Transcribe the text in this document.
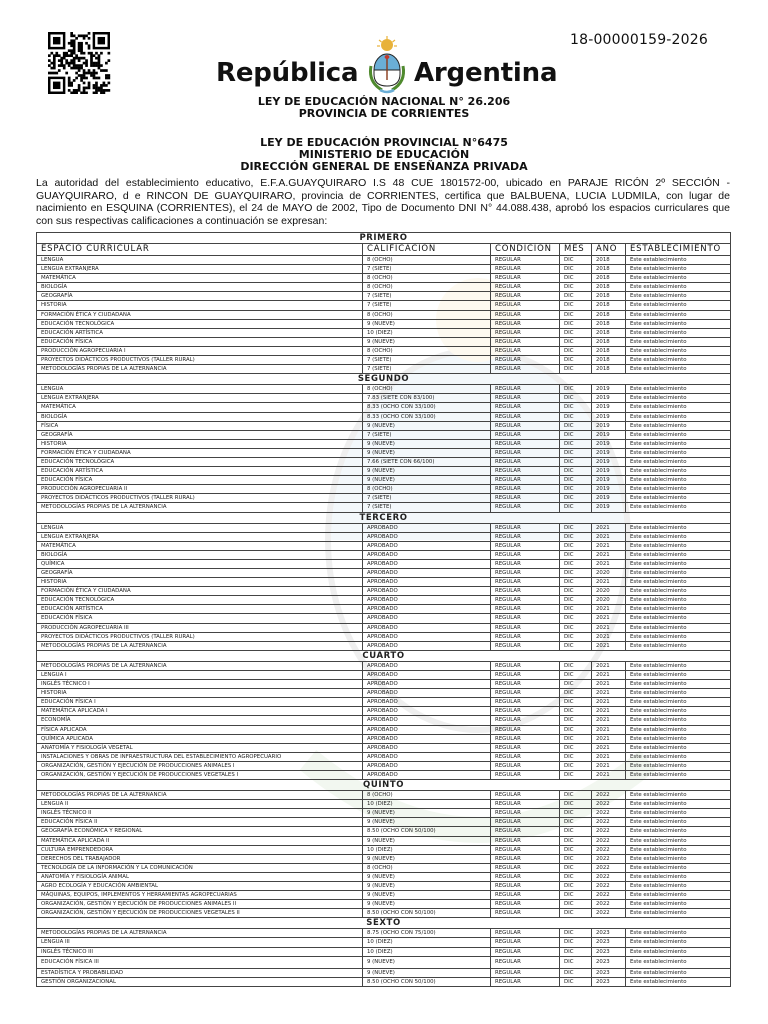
18-00000159-2026
República Argentina
LEY DE EDUCACIÓN NACIONAL N° 26.206
PROVINCIA DE CORRIENTES
LEY DE EDUCACIÓN PROVINCIAL N°6475
MINISTERIO DE EDUCACIÓN
DIRECCIÓN GENERAL DE ENSEÑANZA PRIVADA
La autoridad del establecimiento educativo, E.F.A.GUAYQUIRARO I.S 48 CUE 1801572-00, ubicado en PARAJE RICÓN 2º SECCIÓN - GUAYQUIRARO, d e RINCON DE GUAYQUIRARO, provincia de CORRIENTES, certifica que BALBUENA, LUCIA LUDMILA, con lugar de nacimiento en ESQUINA (CORRIENTES), el 24 de MAYO de 2002, Tipo de Documento DNI N° 44.088.438, aprobó los espacios curriculares que con sus respectivas calificaciones a continuación se expresan:
PRIMERO					
ESPACIO CURRICULAR	CALIFICACIÓN	CONDICIÓN	MES	AÑO	ESTABLECIMIENTO
LENGUA	8 (OCHO)	REGULAR	DIC	2018	Este establecimiento
LENGUA EXTRANJERA	7 (SIETE)	REGULAR	DIC	2018	Este establecimiento
MATEMÁTICA	8 (OCHO)	REGULAR	DIC	2018	Este establecimiento
BIOLOGÍA	8 (OCHO)	REGULAR	DIC	2018	Este establecimiento
GEOGRAFÍA	7 (SIETE)	REGULAR	DIC	2018	Este establecimiento
HISTORIA	7 (SIETE)	REGULAR	DIC	2018	Este establecimiento
FORMACIÓN ÉTICA Y CIUDADANA	8 (OCHO)	REGULAR	DIC	2018	Este establecimiento
EDUCACIÓN TECNOLÓGICA	9 (NUEVE)	REGULAR	DIC	2018	Este establecimiento
EDUCACIÓN ARTÍSTICA	10 (DIEZ)	REGULAR	DIC	2018	Este establecimiento
EDUCACIÓN FÍSICA	9 (NUEVE)	REGULAR	DIC	2018	Este establecimiento
PRODUCCIÓN AGROPECUARIA I	8 (OCHO)	REGULAR	DIC	2018	Este establecimiento
PROYECTOS DIDÁCTICOS PRODUCTIVOS (TALLER RURAL)	7 (SIETE)	REGULAR	DIC	2018	Este establecimiento
METODOLOGÍAS PROPIAS DE LA ALTERNANCIA	7 (SIETE)	REGULAR	DIC	2018	Este establecimiento
SEGUNDO					
LENGUA	8 (OCHO)	REGULAR	DIC	2019	Este establecimiento
LENGUA EXTRANJERA	7.83 (SIETE CON 83/100)	REGULAR	DIC	2019	Este establecimiento
MATEMÁTICA	8.33 (OCHO CON 33/100)	REGULAR	DIC	2019	Este establecimiento
BIOLOGÍA	8.33 (OCHO CON 33/100)	REGULAR	DIC	2019	Este establecimiento
FÍSICA	9 (NUEVE)	REGULAR	DIC	2019	Este establecimiento
GEOGRAFÍA	7 (SIETE)	REGULAR	DIC	2019	Este establecimiento
HISTORIA	9 (NUEVE)	REGULAR	DIC	2019	Este establecimiento
FORMACIÓN ÉTICA Y CIUDADANA	9 (NUEVE)	REGULAR	DIC	2019	Este establecimiento
EDUCACIÓN TECNOLÓGICA	7.66 (SIETE CON 66/100)	REGULAR	DIC	2019	Este establecimiento
EDUCACIÓN ARTÍSTICA	9 (NUEVE)	REGULAR	DIC	2019	Este establecimiento
EDUCACIÓN FÍSICA	9 (NUEVE)	REGULAR	DIC	2019	Este establecimiento
PRODUCCIÓN AGROPECUARIA II	8 (OCHO)	REGULAR	DIC	2019	Este establecimiento
PROYECTOS DIDÁCTICOS PRODUCTIVOS (TALLER RURAL)	7 (SIETE)	REGULAR	DIC	2019	Este establecimiento
METODOLOGÍAS PROPIAS DE LA ALTERNANCIA	7 (SIETE)	REGULAR	DIC	2019	Este establecimiento
TERCERO					
LENGUA	APROBADO	REGULAR	DIC	2021	Este establecimiento
LENGUA EXTRANJERA	APROBADO	REGULAR	DIC	2021	Este establecimiento
MATEMÁTICA	APROBADO	REGULAR	DIC	2021	Este establecimiento
BIOLOGÍA	APROBADO	REGULAR	DIC	2021	Este establecimiento
QUÍMICA	APROBADO	REGULAR	DIC	2021	Este establecimiento
GEOGRAFÍA	APROBADO	REGULAR	DIC	2020	Este establecimiento
HISTORIA	APROBADO	REGULAR	DIC	2021	Este establecimiento
FORMACIÓN ÉTICA Y CIUDADANA	APROBADO	REGULAR	DIC	2020	Este establecimiento
EDUCACIÓN TECNOLÓGICA	APROBADO	REGULAR	DIC	2020	Este establecimiento
EDUCACIÓN ARTÍSTICA	APROBADO	REGULAR	DIC	2021	Este establecimiento
EDUCACIÓN FÍSICA	APROBADO	REGULAR	DIC	2021	Este establecimiento
PRODUCCIÓN AGROPECUARIA III	APROBADO	REGULAR	DIC	2021	Este establecimiento
PROYECTOS DIDÁCTICOS PRODUCTIVOS (TALLER RURAL)	APROBADO	REGULAR	DIC	2021	Este establecimiento
METODOLOGÍAS PROPIAS DE LA ALTERNANCIA	APROBADO	REGULAR	DIC	2021	Este establecimiento
CUARTO					
METODOLOGÍAS PROPIAS DE LA ALTERNANCIA	APROBADO	REGULAR	DIC	2021	Este establecimiento
LENGUA I	APROBADO	REGULAR	DIC	2021	Este establecimiento
INGLÉS TÉCNICO I	APROBADO	REGULAR	DIC	2021	Este establecimiento
HISTORIA	APROBADO	REGULAR	DIC	2021	Este establecimiento
EDUCACIÓN FÍSICA I	APROBADO	REGULAR	DIC	2021	Este establecimiento
MATEMÁTICA APLICADA I	APROBADO	REGULAR	DIC	2021	Este establecimiento
ECONOMÍA	APROBADO	REGULAR	DIC	2021	Este establecimiento
FÍSICA APLICADA	APROBADO	REGULAR	DIC	2021	Este establecimiento
QUÍMICA APLICADA	APROBADO	REGULAR	DIC	2021	Este establecimiento
ANATOMÍA Y FISIOLOGÍA VEGETAL	APROBADO	REGULAR	DIC	2021	Este establecimiento
INSTALACIONES Y OBRAS DE INFRAESTRUCTURA DEL ESTABLECIMIENTO AGROPECUARIO	APROBADO	REGULAR	DIC	2021	Este establecimiento
ORGANIZACIÓN, GESTIÓN Y EJECUCIÓN DE PRODUCCIONES ANIMALES I	APROBADO	REGULAR	DIC	2021	Este establecimiento
ORGANIZACIÓN, GESTIÓN Y EJECUCIÓN DE PRODUCCIONES VEGETALES I	APROBADO	REGULAR	DIC	2021	Este establecimiento
QUINTO					
METODOLOGÍAS PROPIAS DE LA ALTERNANCIA	8 (OCHO)	REGULAR	DIC	2022	Este establecimiento
LENGUA II	10 (DIEZ)	REGULAR	DIC	2022	Este establecimiento
INGLÉS TÉCNICO II	9 (NUEVE)	REGULAR	DIC	2022	Este establecimiento
EDUCACIÓN FÍSICA II	9 (NUEVE)	REGULAR	DIC	2022	Este establecimiento
GEOGRAFÍA ECONÓMICA Y REGIONAL	8.50 (OCHO CON 50/100)	REGULAR	DIC	2022	Este establecimiento
MATEMÁTICA APLICADA II	9 (NUEVE)	REGULAR	DIC	2022	Este establecimiento
CULTURA EMPRENDEDORA	10 (DIEZ)	REGULAR	DIC	2022	Este establecimiento
DERECHOS DEL TRABAJADOR	9 (NUEVE)	REGULAR	DIC	2022	Este establecimiento
TECNOLOGÍA DE LA INFORMACIÓN Y LA COMUNICACIÓN	8 (OCHO)	REGULAR	DIC	2022	Este establecimiento
ANATOMÍA Y FISIOLOGÍA ANIMAL	9 (NUEVE)	REGULAR	DIC	2022	Este establecimiento
AGRO ECOLOGÍA Y EDUCACIÓN AMBIENTAL	9 (NUEVE)	REGULAR	DIC	2022	Este establecimiento
MÁQUINAS, EQUIPOS, IMPLEMENTOS Y HERRAMIENTAS AGROPECUARIAS	9 (NUEVE)	REGULAR	DIC	2022	Este establecimiento
ORGANIZACIÓN, GESTIÓN Y EJECUCIÓN DE PRODUCCIONES ANIMALES II	9 (NUEVE)	REGULAR	DIC	2022	Este establecimiento
ORGANIZACIÓN, GESTIÓN Y EJECUCIÓN DE PRODUCCIONES VEGETALES II	8.50 (OCHO CON 50/100)	REGULAR	DIC	2022	Este establecimiento
SEXTO					
METODOLOGÍAS PROPIAS DE LA ALTERNANCIA	8.75 (OCHO CON 75/100)	REGULAR	DIC	2023	Este establecimiento
LENGUA III	10 (DIEZ)	REGULAR	DIC	2023	Este establecimiento
INGLÉS TÉCNICO III	10 (DIEZ)	REGULAR	DIC	2023	Este establecimiento
EDUCACIÓN FÍSICA III	9 (NUEVE)	REGULAR	DIC	2023	Este establecimiento
ESTADÍSTICA Y PROBABILIDAD	9 (NUEVE)	REGULAR	DIC	2023	Este establecimiento
GESTIÓN ORGANIZACIONAL	8.50 (OCHO CON 50/100)	REGULAR	DIC	2023	Este establecimiento
